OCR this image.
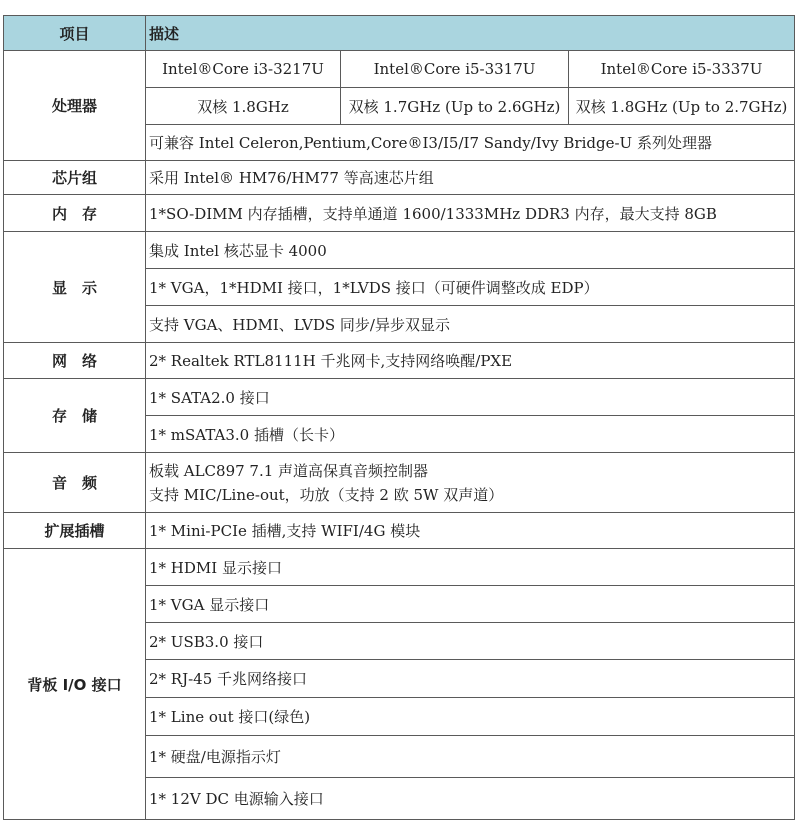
项目	描述		
处理器	Intel®Core i3-3217U	Intel®Core i5-3317U	Intel®Core i5-3337U
	双核 1.8GHz	双核 1.7GHz (Up to 2.6GHz)	双核 1.8GHz (Up to 2.7GHz)
	可兼容 Intel Celeron,Pentium,Core®I3/I5/I7 Sandy/Ivy Bridge-U 系列处理器		
芯片组	采用 Intel® HM76/HM77 等高速芯片组		
内　存	1*SO-DIMM 内存插槽，支持单通道 1600/1333MHz DDR3 内存，最大支持 8GB		
显　示	集成 Intel 核芯显卡 4000		
	1* VGA，1*HDMI 接口，1*LVDS 接口（可硬件调整改成 EDP）		
	支持 VGA、HDMI、LVDS 同步/异步双显示		
网　络	2* Realtek RTL8111H 千兆网卡,支持网络唤醒/PXE		
存　储	1* SATA2.0 接口		
	1* mSATA3.0 插槽（长卡）		
音　频	板载 ALC897 7.1 声道高保真音频控制器
支持 MIC/Line-out，功放（支持 2 欧 5W 双声道）		

扩展插槽	1* Mini-PCIe 插槽,支持 WIFI/4G 模块		
背板 I/O 接口	1* HDMI 显示接口		
	1* VGA 显示接口		
	2* USB3.0 接口		
	2* RJ-45 千兆网络接口		
	1* Line out 接口(绿色)		
	1* 硬盘/电源指示灯		
	1* 12V DC 电源输入接口		
